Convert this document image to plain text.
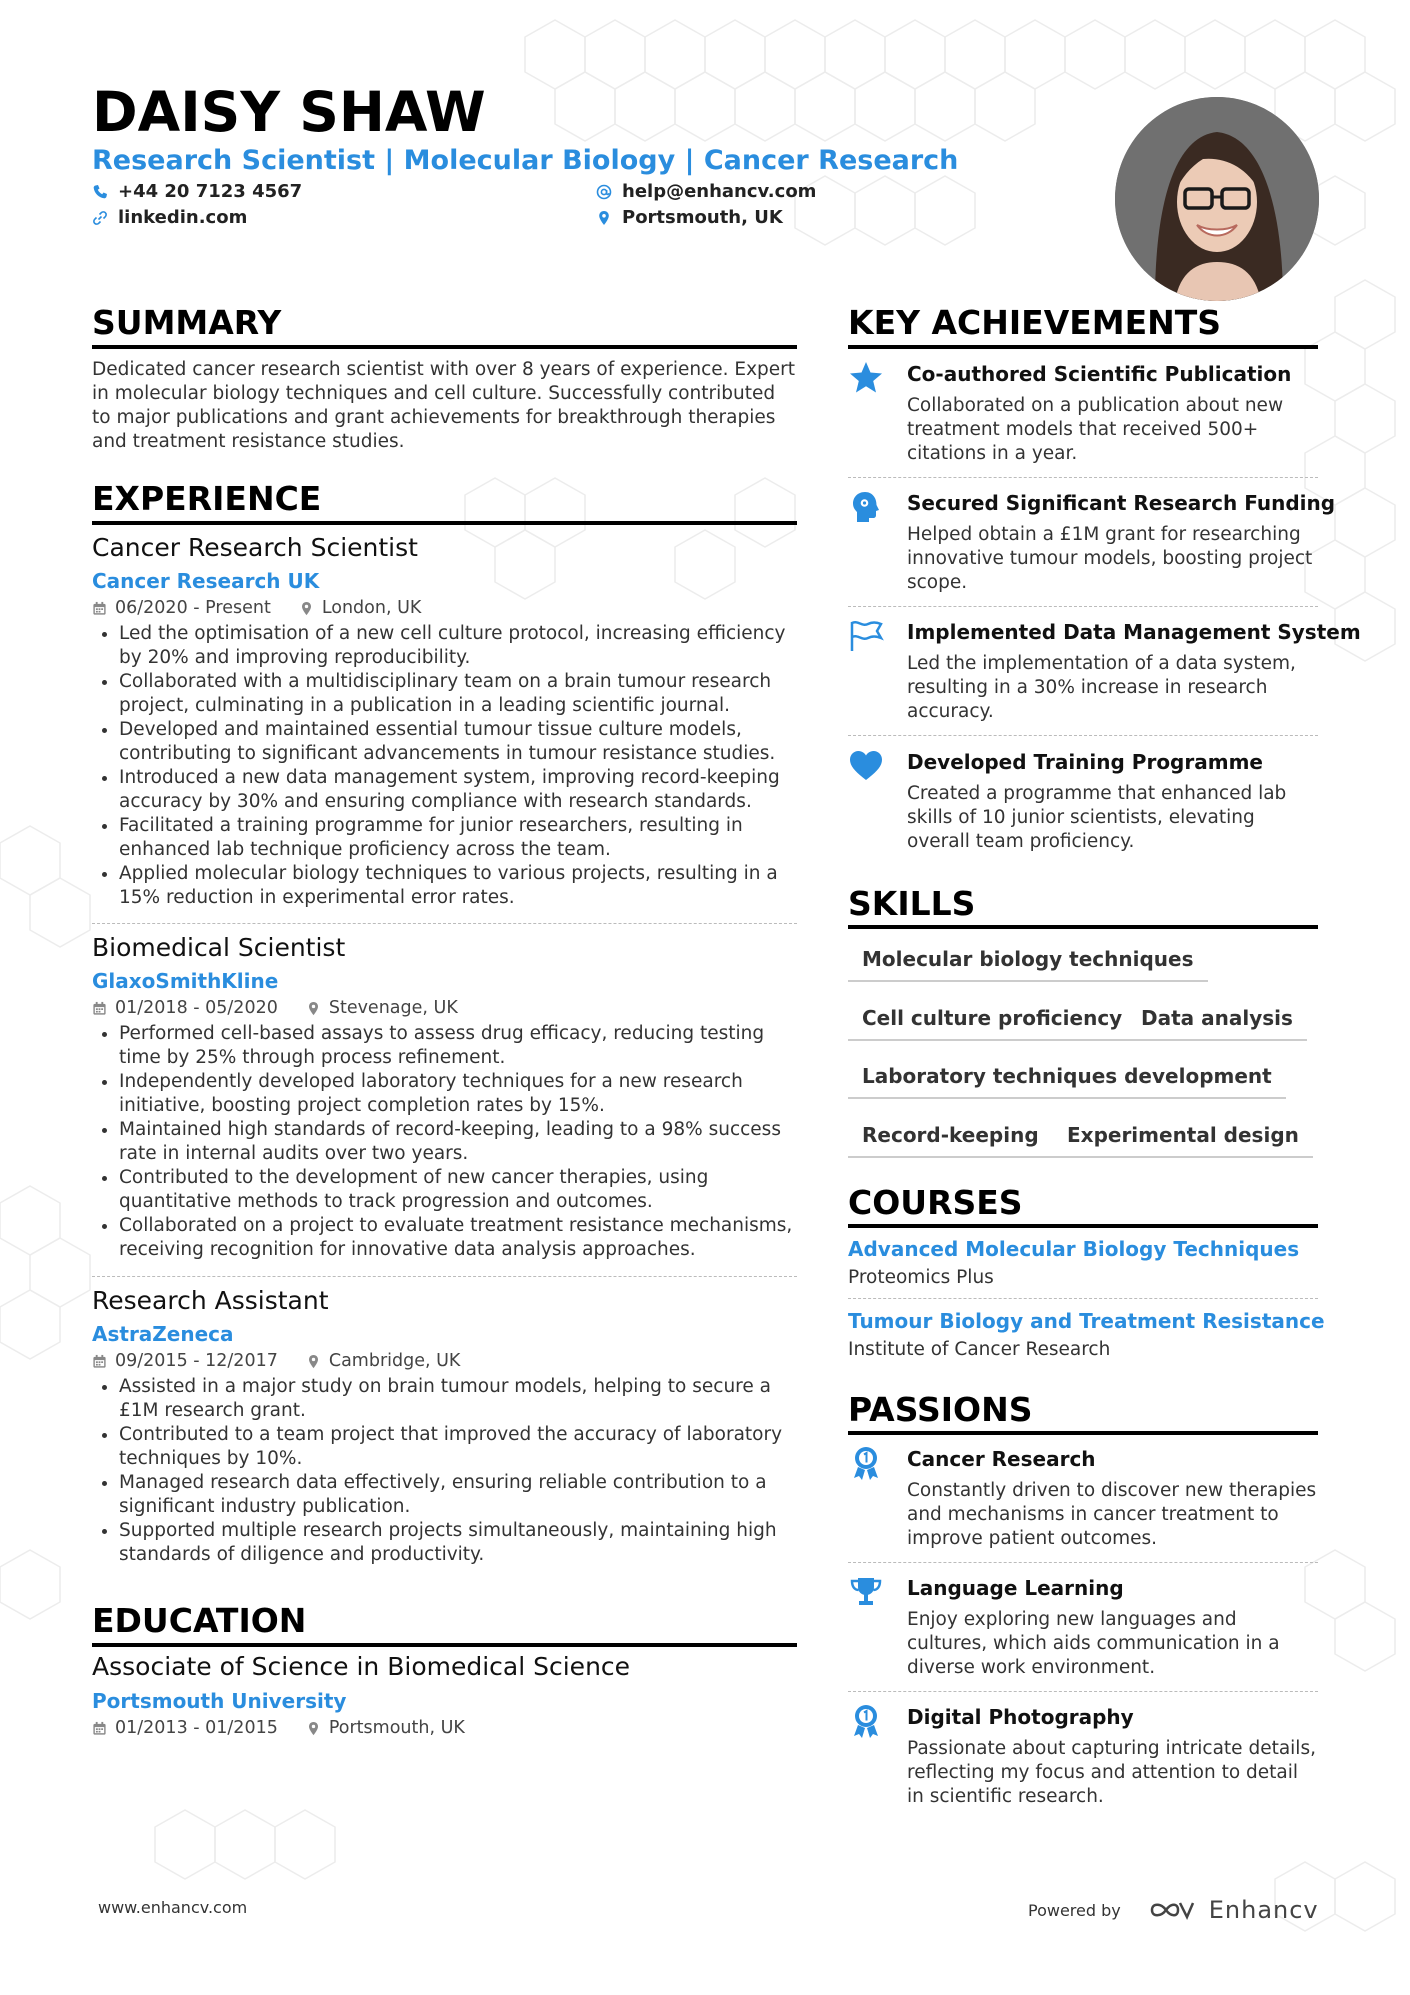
DAISY SHAW
Research Scientist | Molecular Biology | Cancer Research
+44 20 7123 4567	help@enhancv.com
linkedin.com	Portsmouth, UK
SUMMARY
Dedicated cancer research scientist with over 8 years of experience. Expert in molecular biology techniques and cell culture. Successfully contributed to major publications and grant achievements for breakthrough therapies and treatment resistance studies.
EXPERIENCE
Cancer Research Scientist
Cancer Research UK
06/2020 - Present	London, UK
• Led the optimisation of a new cell culture protocol, increasing efficiency by 20% and improving reproducibility.
• Collaborated with a multidisciplinary team on a brain tumour research project, culminating in a publication in a leading scientific journal.
• Developed and maintained essential tumour tissue culture models, contributing to significant advancements in tumour resistance studies.
• Introduced a new data management system, improving record-keeping accuracy by 30% and ensuring compliance with research standards.
• Facilitated a training programme for junior researchers, resulting in enhanced lab technique proficiency across the team.
• Applied molecular biology techniques to various projects, resulting in a 15% reduction in experimental error rates.
Biomedical Scientist
GlaxoSmithKline
01/2018 - 05/2020	Stevenage, UK
• Performed cell-based assays to assess drug efficacy, reducing testing time by 25% through process refinement.
• Independently developed laboratory techniques for a new research initiative, boosting project completion rates by 15%.
• Maintained high standards of record-keeping, leading to a 98% success rate in internal audits over two years.
• Contributed to the development of new cancer therapies, using quantitative methods to track progression and outcomes.
• Collaborated on a project to evaluate treatment resistance mechanisms, receiving recognition for innovative data analysis approaches.
Research Assistant
AstraZeneca
09/2015 - 12/2017	Cambridge, UK
• Assisted in a major study on brain tumour models, helping to secure a £1M research grant.
• Contributed to a team project that improved the accuracy of laboratory techniques by 10%.
• Managed research data effectively, ensuring reliable contribution to a significant industry publication.
• Supported multiple research projects simultaneously, maintaining high standards of diligence and productivity.
EDUCATION
Associate of Science in Biomedical Science
Portsmouth University
01/2013 - 01/2015	Portsmouth, UK
KEY ACHIEVEMENTS
Co-authored Scientific Publication
Collaborated on a publication about new treatment models that received 500+ citations in a year.
Secured Significant Research Funding
Helped obtain a £1M grant for researching innovative tumour models, boosting project scope.
Implemented Data Management System
Led the implementation of a data system, resulting in a 30% increase in research accuracy.
Developed Training Programme
Created a programme that enhanced lab skills of 10 junior scientists, elevating overall team proficiency.
SKILLS
Molecular biology techniques
Cell culture proficiency Data analysis
Laboratory techniques development
Record-keeping	Experimental design
COURSES
Advanced Molecular Biology Techniques
Proteomics Plus
Tumour Biology and Treatment Resistance
Institute of Cancer Research
PASSIONS
Cancer Research
Constantly driven to discover new therapies and mechanisms in cancer treatment to improve patient outcomes.
Language Learning
Enjoy exploring new languages and cultures, which aids communication in a diverse work environment.
Digital Photography
Passionate about capturing intricate details, reflecting my focus and attention to detail in scientific research.
www.enhancv.com	Powered by	Enhancv
